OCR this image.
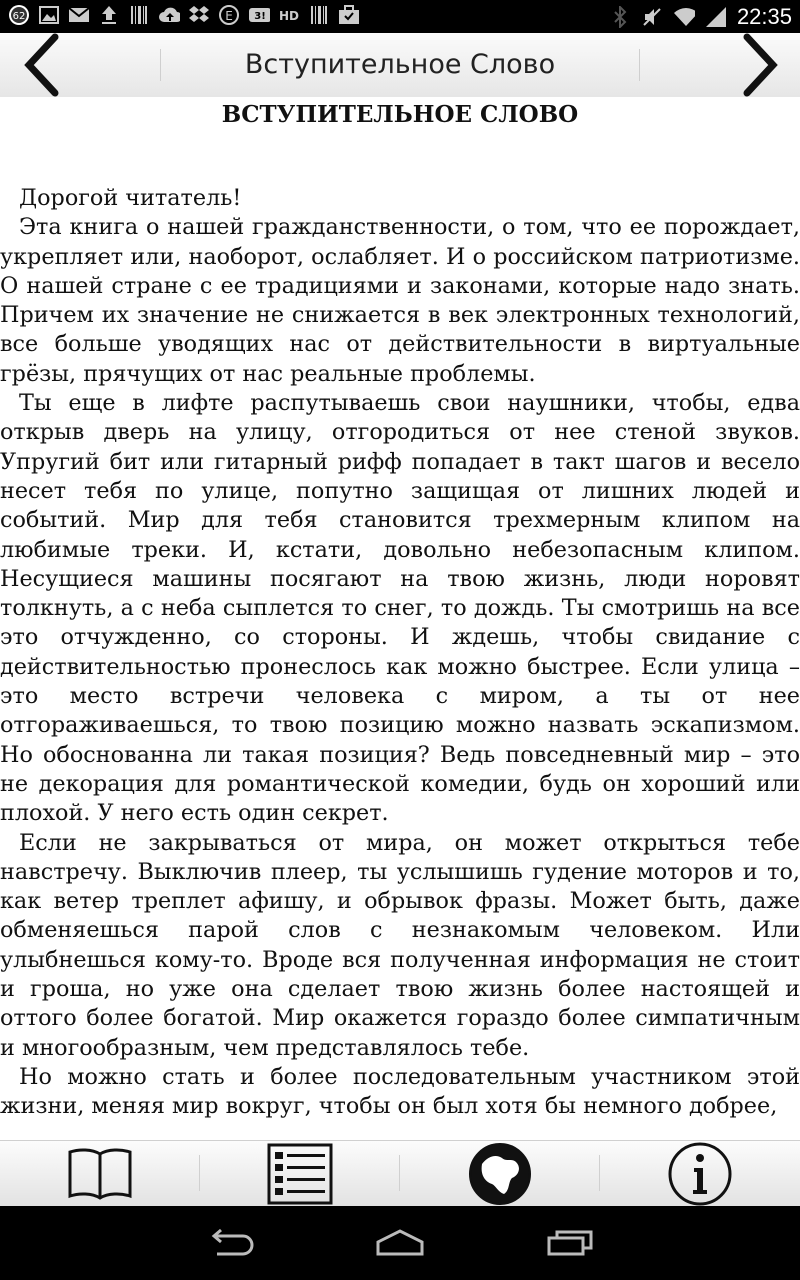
62	E 3! HD	22:35
Вступительное Слово
ВСТУПИТЕЛЬНОЕ СЛОВО

Дорогой читатель!

Эта книга о нашей гражданственности, о том, что ее порождает, укрепляет или, наоборот, ослабляет. И о российском патриотизме. О нашей стране с ее традициями и законами, которые надо знать. Причем их значение не снижается в век электронных технологий, все больше уводящих нас от действительности в виртуальные грёзы, прячущих от нас реальные проблемы.

Ты еще в лифте распутываешь свои наушники, чтобы, едва открыв дверь на улицу, отгородиться от нее стеной звуков. Упругий бит или гитарный рифф попадает в такт шагов и весело несет тебя по улице, попутно защищая от лишних людей и событий. Мир для тебя становится трехмерным клипом на любимые треки. И, кстати, довольно небезопасным клипом. Несущиеся машины посягают на твою жизнь, люди норовят толкнуть, а с неба сыплется то снег, то дождь. Ты смотришь на все это отчужденно, со стороны. И ждешь, чтобы свидание с действительностью пронеслось как можно быстрее. Если улица – это место встречи человека с миром, а ты от нее отгораживаешься, то твою позицию можно назвать эскапизмом. Но обоснованна ли такая позиция? Ведь повседневный мир – это не декорация для романтической комедии, будь он хороший или плохой. У него есть один секрет.

Если не закрываться от мира, он может открыться тебе навстречу. Выключив плеер, ты услышишь гудение моторов и то, как ветер треплет афишу, и обрывок фразы. Может быть, даже обменяешься парой слов с незнакомым человеком. Или улыбнешься кому-то. Вроде вся полученная информация не стоит и гроша, но уже она сделает твою жизнь более настоящей и оттого более богатой. Мир окажется гораздо более симпатичным и многообразным, чем представлялось тебе.

Но можно стать и более последовательным участником этой жизни, меняя мир вокруг, чтобы он был хотя бы немного добрее,
